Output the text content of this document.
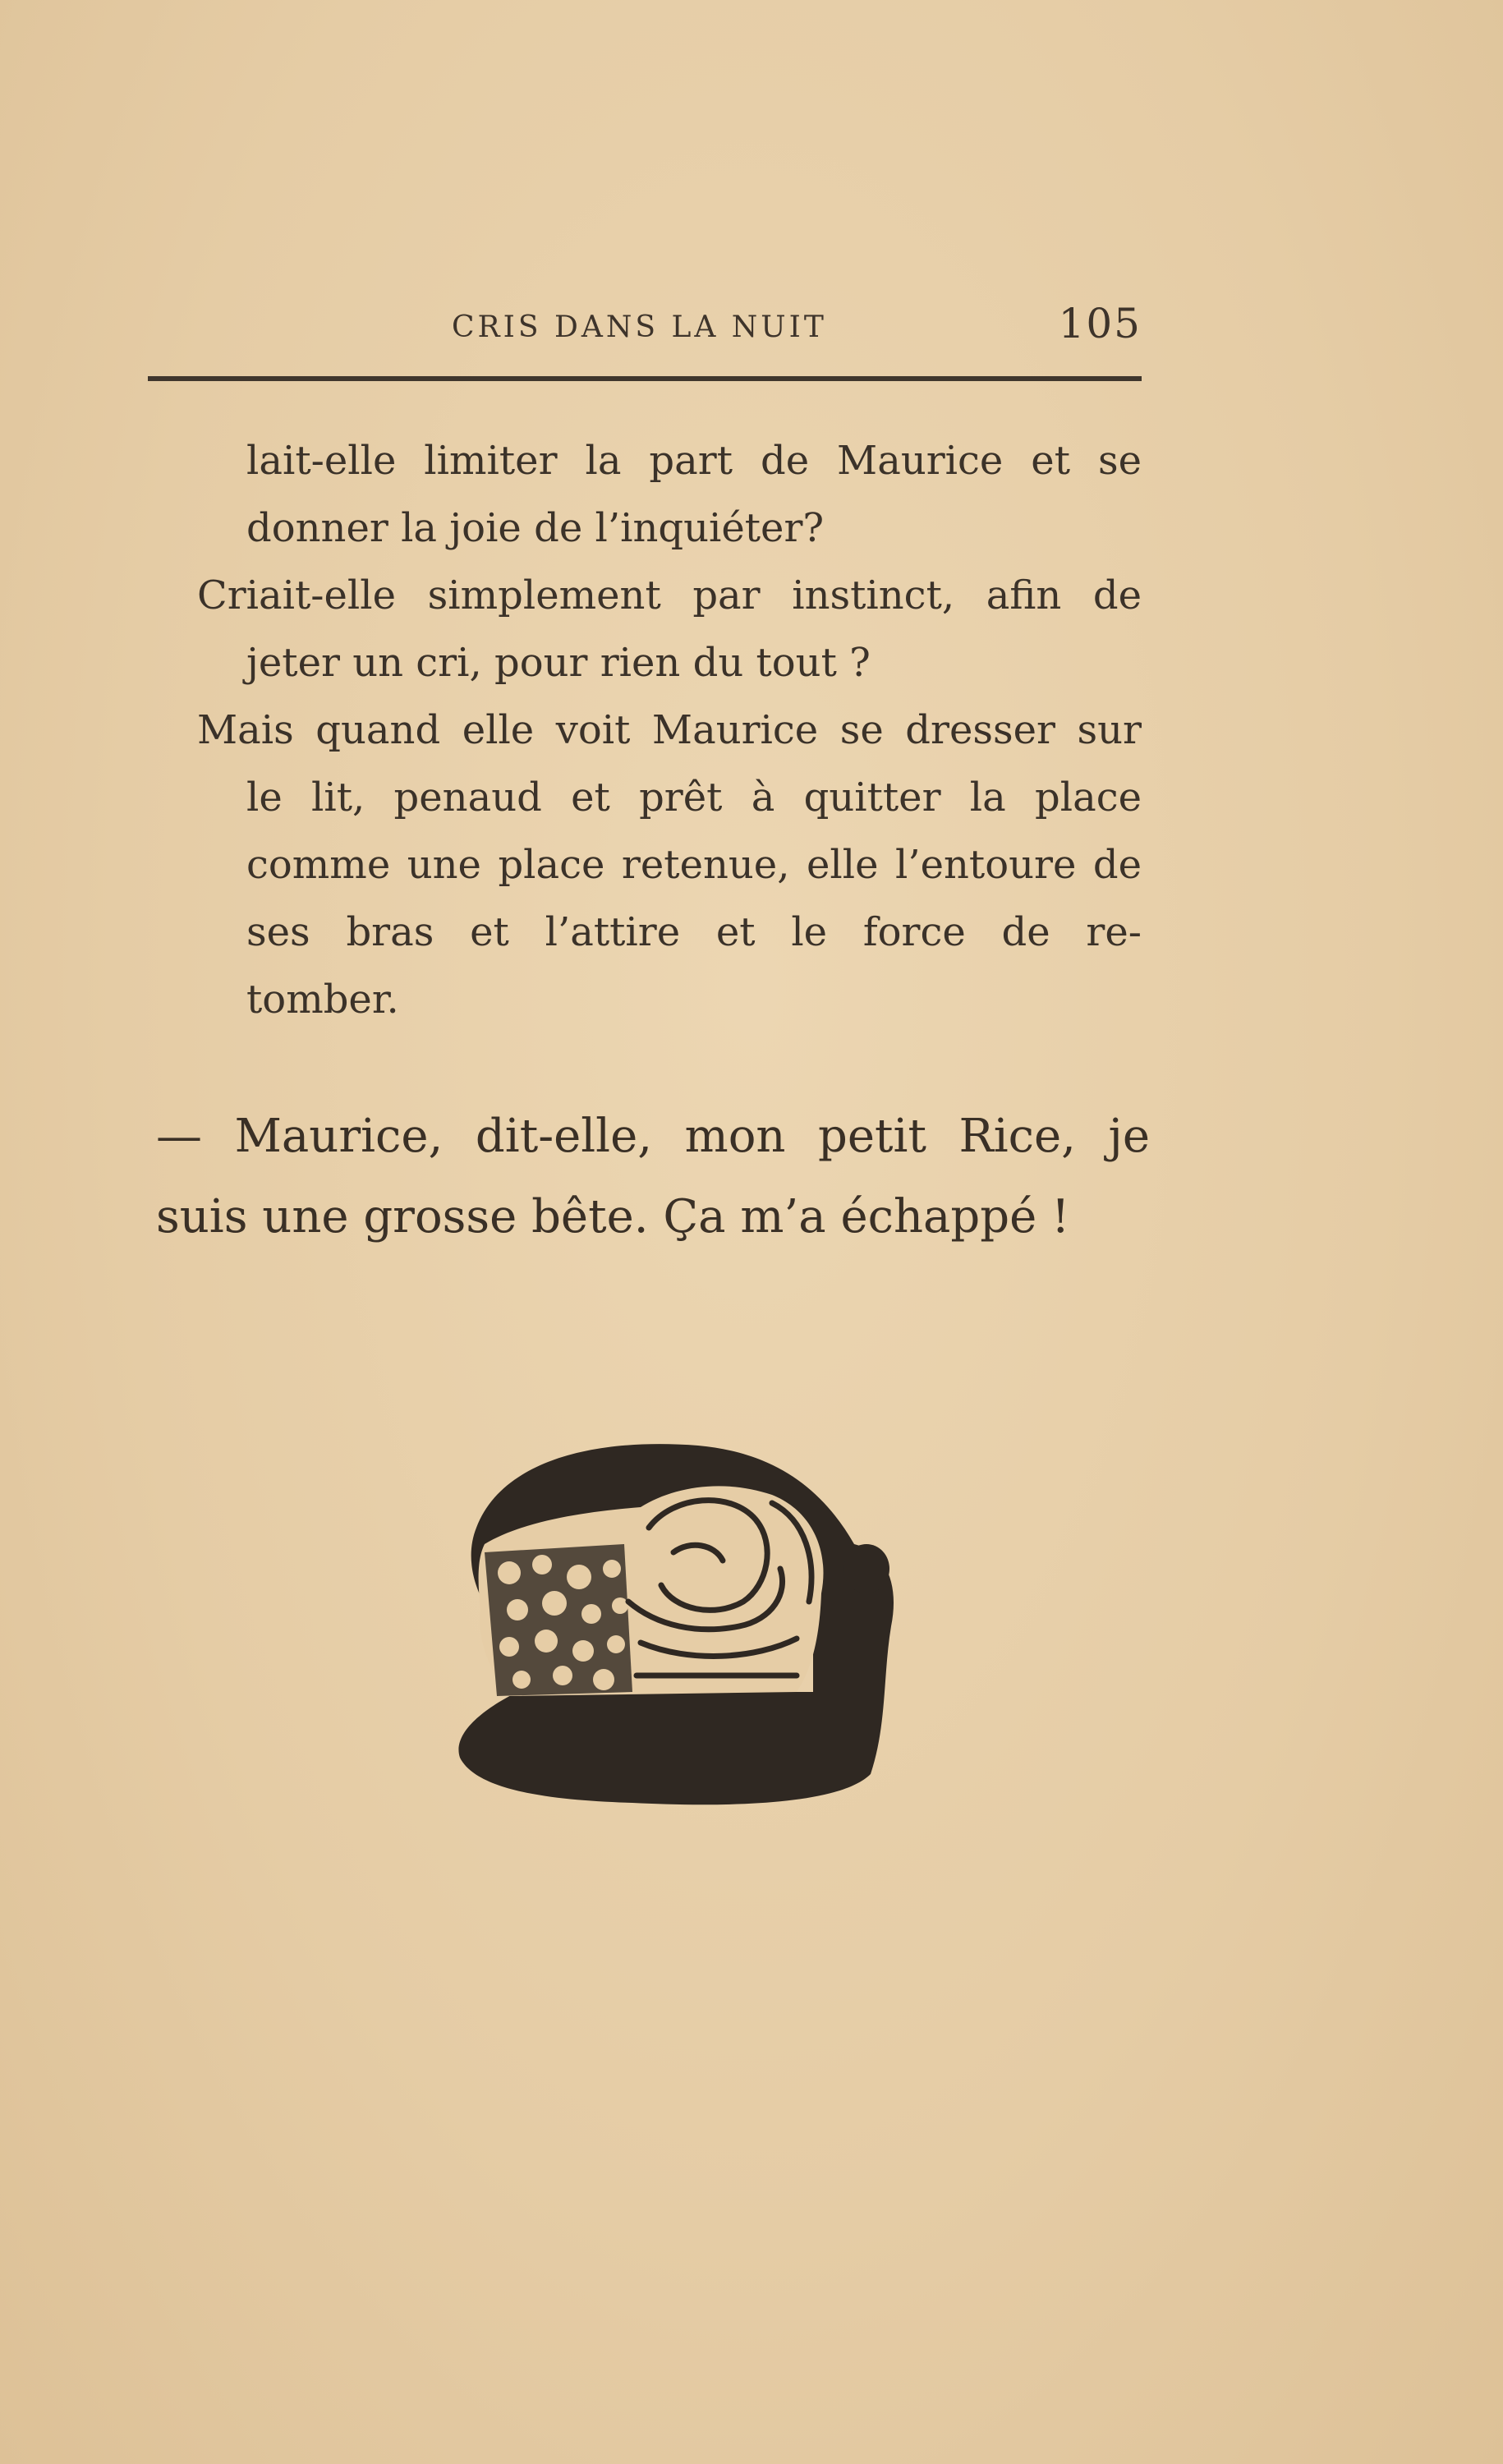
CRIS DANS LA NUIT	105
lait-elle limiter la part de Maurice et se
donner la joie de l’inquiéter?
Criait-elle simplement par instinct, afin de
jeter un cri, pour rien du tout ?
Mais quand elle voit Maurice se dresser sur
le lit, penaud et prêt à quitter la place
comme une place retenue, elle l’entoure de
ses bras et l’attire et le force de re-
tomber.
— Maurice, dit-elle, mon petit Rice, je
suis une grosse bête. Ça m’a échappé !
